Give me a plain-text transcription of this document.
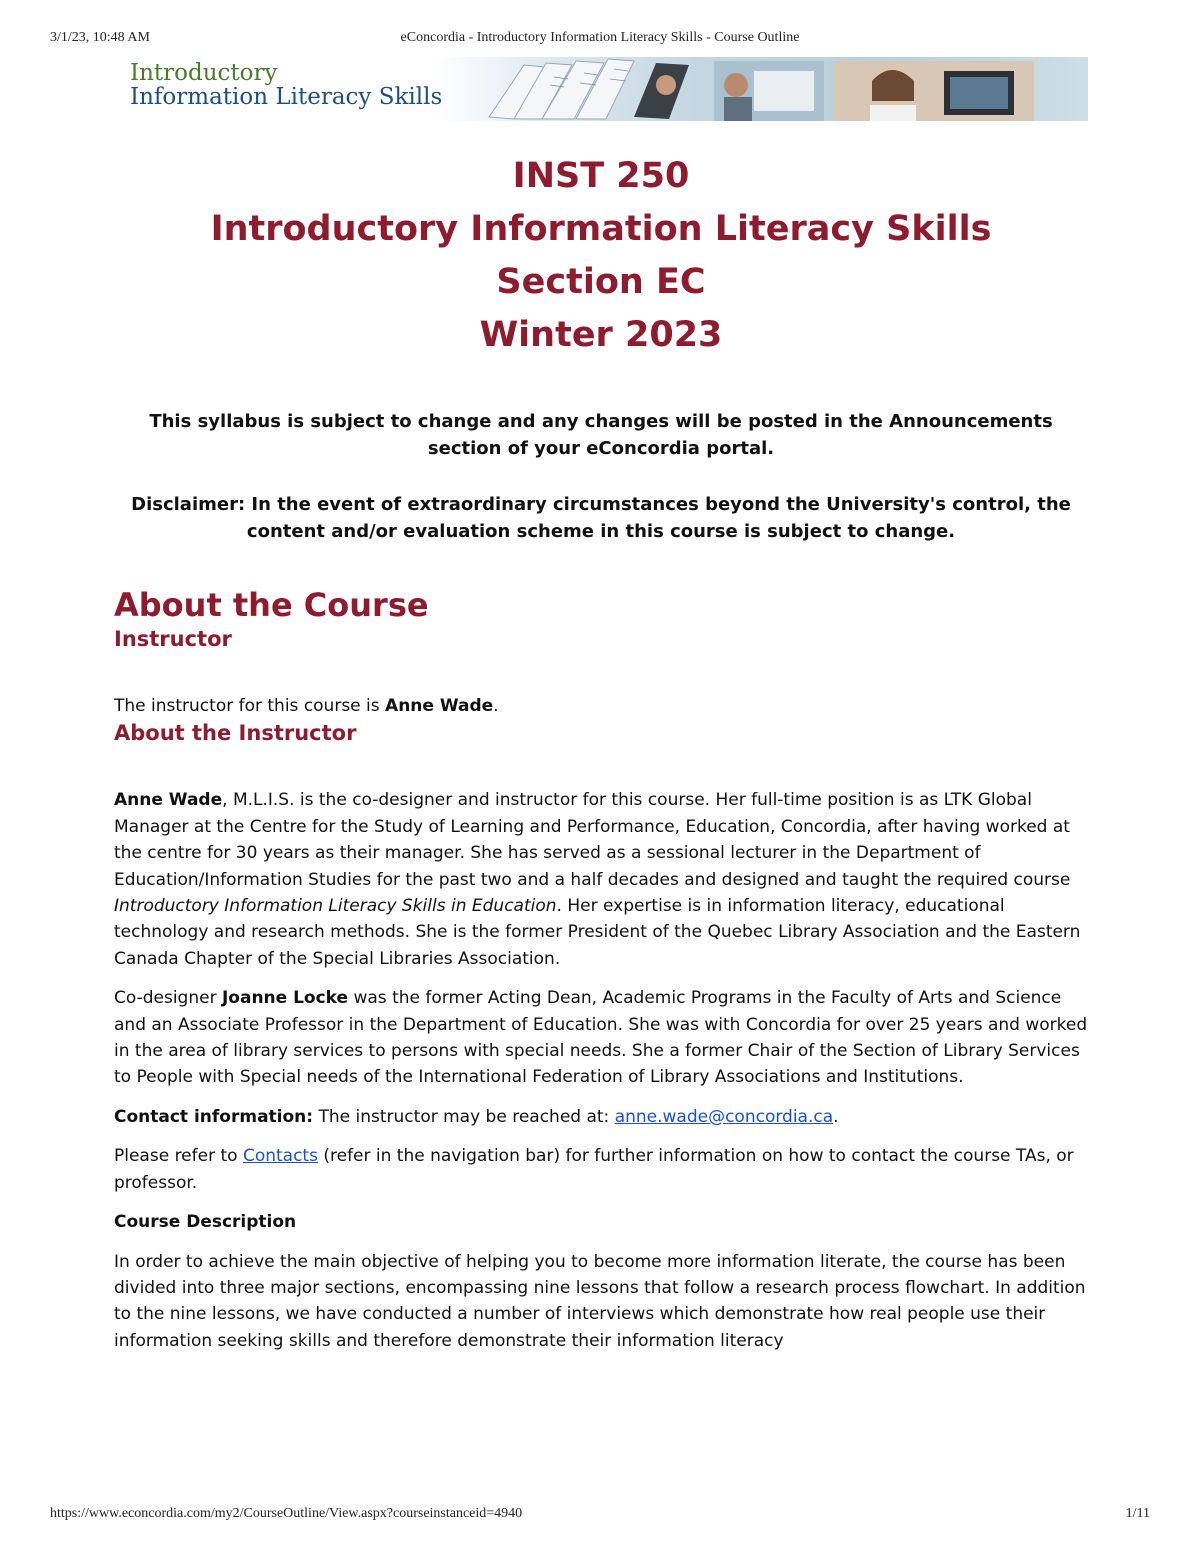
3/1/23, 10:48 AM	eConcordia - Introductory Information Literacy Skills - Course Outline
Introductory
Information Literacy Skills
INST 250
Introductory Information Literacy Skills
Section EC
Winter 2023

This syllabus is subject to change and any changes will be posted in the Announcements section of your eConcordia portal.

Disclaimer: In the event of extraordinary circumstances beyond the University's control, the content and/or evaluation scheme in this course is subject to change.

About the Course
Instructor

The instructor for this course is Anne Wade.

About the Instructor

Anne Wade, M.L.I.S. is the co-designer and instructor for this course. Her full-time position is as LTK Global Manager at the Centre for the Study of Learning and Performance, Education, Concordia, after having worked at the centre for 30 years as their manager. She has served as a sessional lecturer in the Department of Education/Information Studies for the past two and a half decades and designed and taught the required course Introductory Information Literacy Skills in Education. Her expertise is in information literacy, educational technology and research methods. She is the former President of the Quebec Library Association and the Eastern Canada Chapter of the Special Libraries Association.

Co-designer Joanne Locke was the former Acting Dean, Academic Programs in the Faculty of Arts and Science and an Associate Professor in the Department of Education. She was with Concordia for over 25 years and worked in the area of library services to persons with special needs. She a former Chair of the Section of Library Services to People with Special needs of the International Federation of Library Associations and Institutions.

Contact information: The instructor may be reached at: anne.wade@concordia.ca.

Please refer to Contacts (refer in the navigation bar) for further information on how to contact the course TAs, or professor.

Course Description

In order to achieve the main objective of helping you to become more information literate, the course has been divided into three major sections, encompassing nine lessons that follow a research process flowchart. In addition to the nine lessons, we have conducted a number of interviews which demonstrate how real people use their information seeking skills and therefore demonstrate their information literacy

https://www.econcordia.com/my2/CourseOutline/View.aspx?courseinstanceid=4940	1/11
